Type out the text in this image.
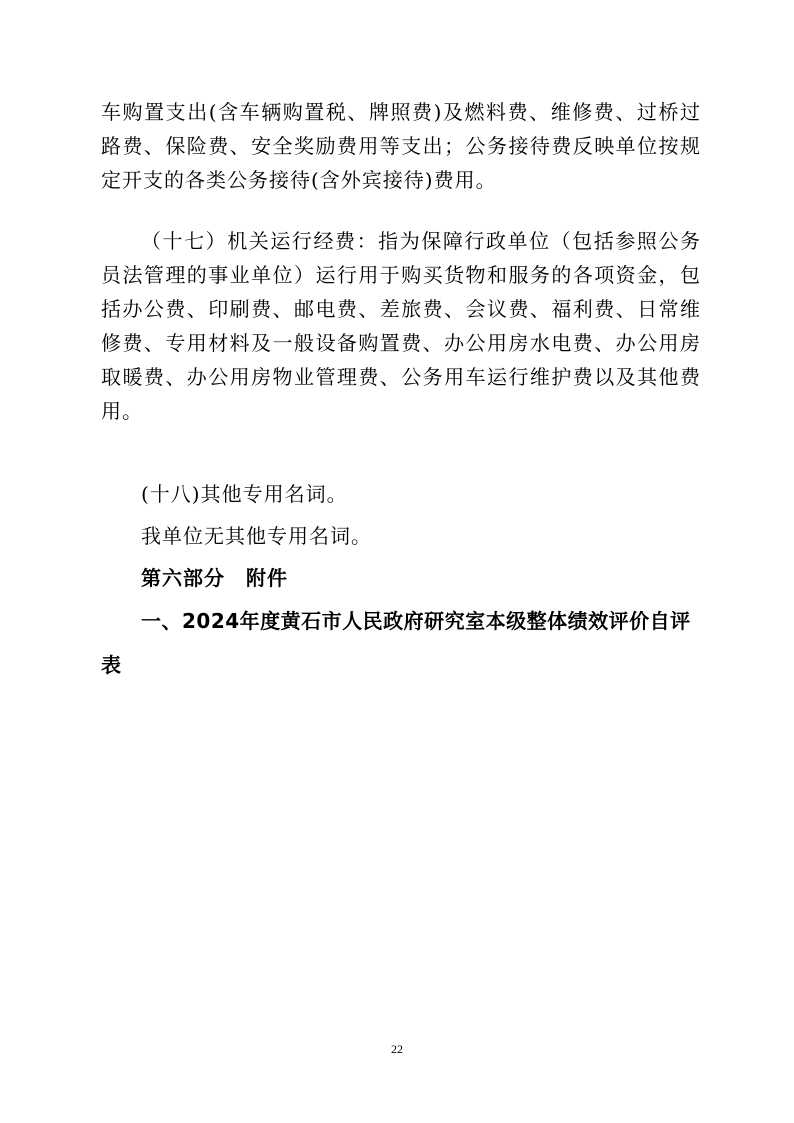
车购置支出(含车辆购置税、牌照费)及燃料费、维修费、过桥过路费、保险费、安全奖励费用等支出；公务接待费反映单位按规定开支的各类公务接待(含外宾接待)费用。

（十七）机关运行经费：指为保障行政单位（包括参照公务员法管理的事业单位）运行用于购买货物和服务的各项资金，包括办公费、印刷费、邮电费、差旅费、会议费、福利费、日常维修费、专用材料及一般设备购置费、办公用房水电费、办公用房取暖费、办公用房物业管理费、公务用车运行维护费以及其他费用。

(十八)其他专用名词。

我单位无其他专用名词。

第六部分　附件

一、2024年度黄石市人民政府研究室本级整体绩效评价自评表

22
